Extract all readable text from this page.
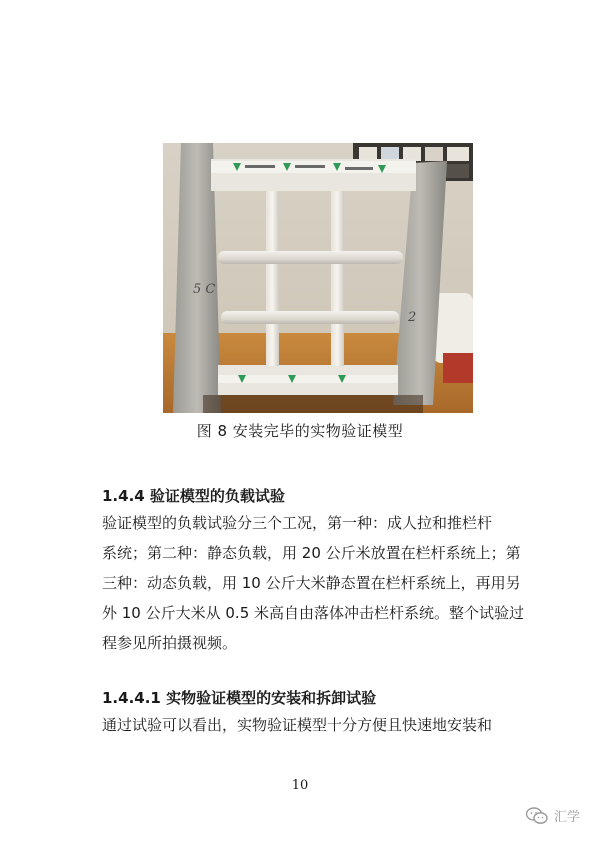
5 C
2
图 8 安装完毕的实物验证模型
1.4.4 验证模型的负载试验
验证模型的负载试验分三个工况，第一种：成人拉和推栏杆
系统；第二种：静态负载，用 20 公斤米放置在栏杆系统上；第
三种：动态负载，用 10 公斤大米静态置在栏杆系统上，再用另
外 10 公斤大米从 0.5 米高自由落体冲击栏杆系统。整个试验过
程参见所拍摄视频。
1.4.4.1 实物验证模型的安装和拆卸试验
通过试验可以看出，实物验证模型十分方便且快速地安装和
10
汇学
